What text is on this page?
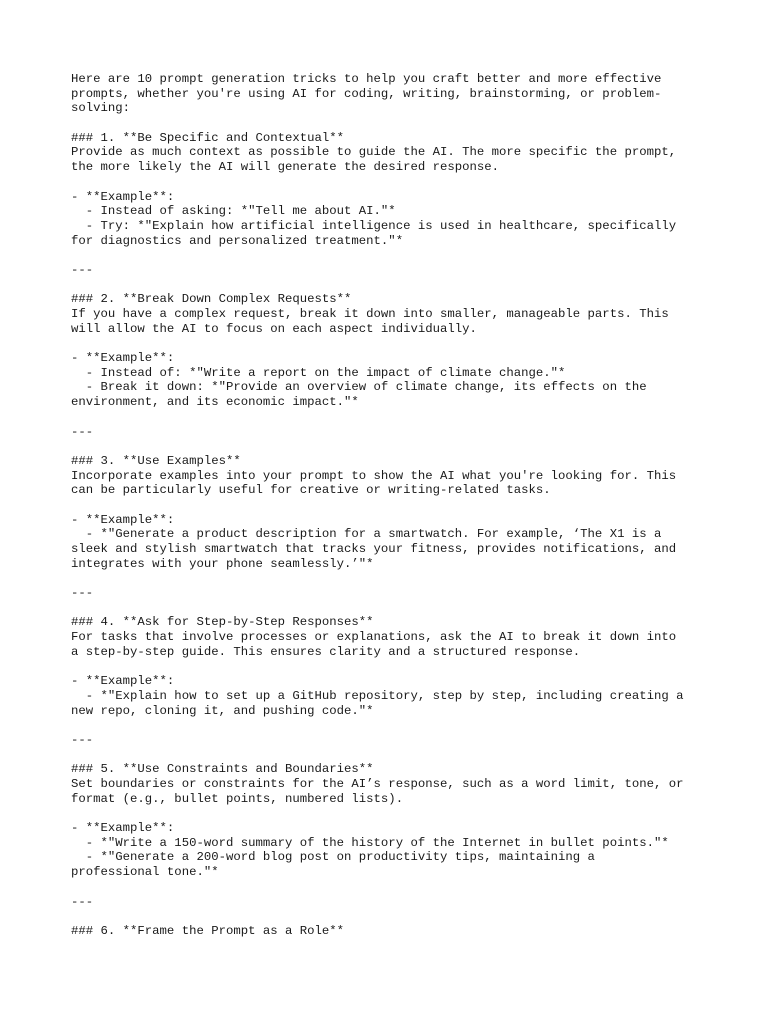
Here are 10 prompt generation tricks to help you craft better and more effective
prompts, whether you're using AI for coding, writing, brainstorming, or problem-
solving:
### 1. **Be Specific and Contextual**
Provide as much context as possible to guide the AI. The more specific the prompt,
the more likely the AI will generate the desired response.
- **Example**:
- Instead of asking: *"Tell me about AI."*
- Try: *"Explain how artificial intelligence is used in healthcare, specifically
for diagnostics and personalized treatment."*
---
### 2. **Break Down Complex Requests**
If you have a complex request, break it down into smaller, manageable parts. This
will allow the AI to focus on each aspect individually.
- **Example**:
- Instead of: *"Write a report on the impact of climate change."*
- Break it down: *"Provide an overview of climate change, its effects on the
environment, and its economic impact."*
---
### 3. **Use Examples**
Incorporate examples into your prompt to show the AI what you're looking for. This
can be particularly useful for creative or writing-related tasks.
- **Example**:
- *"Generate a product description for a smartwatch. For example, ‘The X1 is a
sleek and stylish smartwatch that tracks your fitness, provides notifications, and
integrates with your phone seamlessly.’"*
---
### 4. **Ask for Step-by-Step Responses**
For tasks that involve processes or explanations, ask the AI to break it down into
a step-by-step guide. This ensures clarity and a structured response.
- **Example**:
- *"Explain how to set up a GitHub repository, step by step, including creating a
new repo, cloning it, and pushing code."*
---
### 5. **Use Constraints and Boundaries**
Set boundaries or constraints for the AI’s response, such as a word limit, tone, or
format (e.g., bullet points, numbered lists).
- **Example**:
- *"Write a 150-word summary of the history of the Internet in bullet points."*
- *"Generate a 200-word blog post on productivity tips, maintaining a
professional tone."*
---
### 6. **Frame the Prompt as a Role**
